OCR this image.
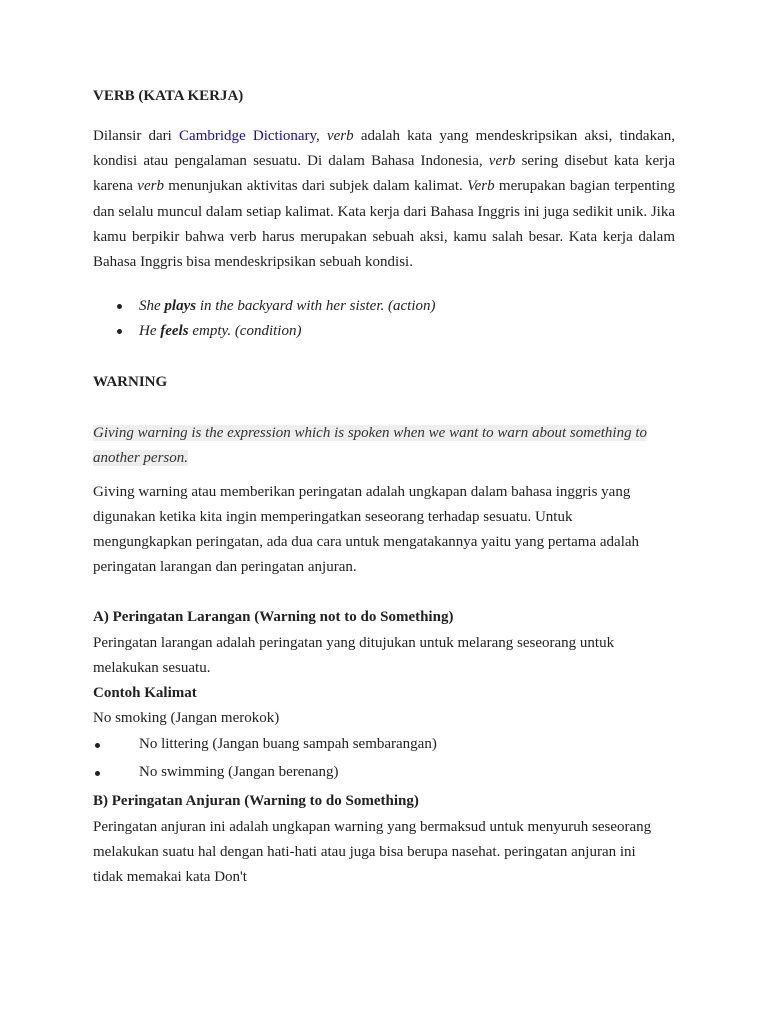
VERB (KATA KERJA)
Dilansir dari Cambridge Dictionary, verb adalah kata yang mendeskripsikan aksi, tindakan, kondisi atau pengalaman sesuatu. Di dalam Bahasa Indonesia, verb sering disebut kata kerja karena verb menunjukan aktivitas dari subjek dalam kalimat. Verb merupakan bagian terpenting dan selalu muncul dalam setiap kalimat. Kata kerja dari Bahasa Inggris ini juga sedikit unik. Jika kamu berpikir bahwa verb harus merupakan sebuah aksi, kamu salah besar. Kata kerja dalam Bahasa Inggris bisa mendeskripsikan sebuah kondisi.
She plays in the backyard with her sister. (action)
He feels empty. (condition)
WARNING
Giving warning is the expression which is spoken when we want to warn about something to
another person.
Giving warning atau memberikan peringatan adalah ungkapan dalam bahasa inggris yang
digunakan ketika kita ingin memperingatkan seseorang terhadap sesuatu. Untuk
mengungkapkan peringatan, ada dua cara untuk mengatakannya yaitu yang pertama adalah
peringatan larangan dan peringatan anjuran.
A) Peringatan Larangan (Warning not to do Something)
Peringatan larangan adalah peringatan yang ditujukan untuk melarang seseorang untuk
melakukan sesuatu.
Contoh Kalimat
No smoking (Jangan merokok)
No littering (Jangan buang sampah sembarangan)
No swimming (Jangan berenang)
B) Peringatan Anjuran (Warning to do Something)
Peringatan anjuran ini adalah ungkapan warning yang bermaksud untuk menyuruh seseorang
melakukan suatu hal dengan hati-hati atau juga bisa berupa nasehat. peringatan anjuran ini
tidak memakai kata Don't
